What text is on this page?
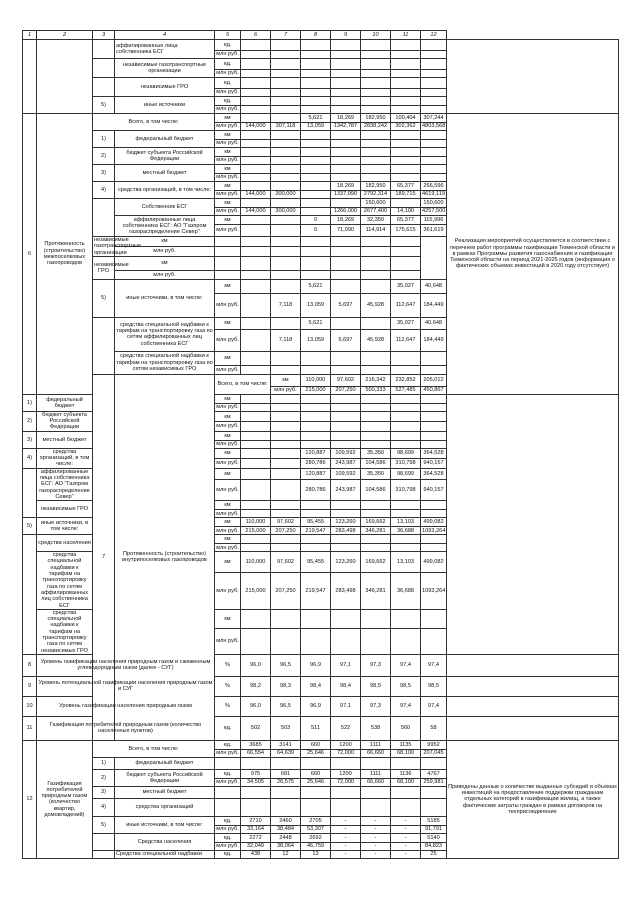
1	2	3	4	5	6	7	8	9	10	11	12		
			аффилированные лица собственника ЕСГ	ед.									
				млн руб.									
			независимые газотранспортные организации	ед.									
				млн руб.									
			независимые ГРО	ед.									
				млн руб.									
		5)	иные источники	ед.									
				млн руб.									
6	Протяженность (строительство) межпоселковых газопроводов	Всего, в том числе:		км			5,621	18,269	182,950	100,404	307,244	Реализация мероприятий осуществляется в соответствии с перечнем работ программы газификации Тюменской области и в рамках Программы развития газоснабжения и газификации Тюменской области на период 2021-2025 годов (информация о фактических объемах инвестиций в 2020 году отсутствует)	
				млн руб.	144,000	307,118	13,059	1342,787	2838,242	302,362	4803,568		
		1)	федеральный бюджет	км									
				млн руб.									
		2)	бюджет субъекта Российской Федерации	км									
				млн руб.									
		3)	местный бюджет	км									
				млн руб.									
		4)	средства организаций, в том числе:	км				18,269	182,950	65,377	266,596		
				млн руб.	144,000	300,000		1337,090	2792,314	189,715	4619,119		
			Собственник ЕСГ	км					150,600		150,600		
				млн руб.	144,000	300,000		1266,000	2677,400	14,100	4257,500		
			аффилированные лица собственника ЕСГ: АО "Газпром газораспределение Север"	км			0	18,269	32,350	65,377	115,996		
				млн руб.			0	71,090	114,914	175,615	361,619		
		независимые газотранспортные организации	км										
			млн руб.										
		независимые ГРО	км										
			млн руб.										
		5)	иные источники, в том числе:	км			5,621			35,027	40,648		
				млн руб.		7,118	13,059	5,697	45,928	112,647	184,449		
			средства специальной надбавки к тарифам на транспортировку газа по сетям аффилированных лиц собственника ЕСГ	км			5,621			35,027	40,648		
				млн руб.		7,118	13,059	5,697	45,928	112,647	184,449		
			средства специальной надбавки к тарифам на транспортировку газа по сетям независимых ГРО	км									
				млн руб.									
		7	Протяженность (строительство) внутрипоселковых газопроводов	Всего, в том числе:		км	110,000	97,602	216,342	232,852	205,012			
						млн руб.	215,000	207,250	500,333	527,485	450,867		
1)	федеральный бюджет			км									
				млн руб.									
2)	бюджет субъекта Российской Федерации			км									
				млн руб.									
3)	местный бюджет			км									
				млн руб.									
4)	средства организаций, в том числе:			км			120,887	109,592	35,350	98,699	364,528		
				млн руб.			280,786	243,987	104,586	310,798	940,157		
	аффилированные лица собственника ЕСГ: АО "Газпром газораспределение Север"			км			120,887	109,592	35,350	98,699	364,528		
				млн руб.			280,786	243,987	104,586	310,798	940,157		
	независимые ГРО			км									
				млн руб.									
5)	иные источники, в том числе:			км	110,000	97,602	95,455	123,260	169,662	13,103	499,082		
				млн руб.	215,000	207,250	219,547	283,498	346,281	36,688	1093,264		
	средства населения			км									
				млн руб.									
	средства специальной надбавки к тарифам на транспортировку газа по сетям аффилированных лиц собственника ЕСГ			км	110,000	97,602	95,455	123,260	169,662	13,103	499,082		
				млн руб.	215,000	207,250	219,547	283,498	346,281	36,688	1093,264		
	средства специальной надбавки к тарифам на транспортировку газа по сетям независимых ГРО			км									
				млн руб.									
8	Уровень газификации населения природным газом и сжиженным углеводородным газом (далее - СУГ)			%	96,0	96,5	96,9	97,1	97,3	97,4	97,4		
9	Уровень потенциальной газификации населения природным газом и СУГ			%	98,2	98,3	98,4	98,4	98,5	98,5	98,5		
10	Уровень газификации населения природным газом			%	96,0	96,5	96,9	97,1	97,3	97,4	97,4		
11	Газификация потребителей природным газом (количество населенных пунктов)			ед.	502	503	511	522	538	560	58		
12	Газификация потребителей природным газом (количество квартир, домовладений)	Всего, в том числе:		ед.	3685	3141	660	1200	1111	1135	9952	Приведены данные о количестве выданных субсидий и объемах инвестиций на предоставление поддержки гражданам отдельных категорий в газификации жилищ, а также фактические затраты граждан в рамках договоров на техприсоединение	
				млн руб.	66,554	64,639	25,646	72,000	66,660	68,100	207,045		
		1)	федеральный бюджет										
		2)	бюджет субъекта Российской Федерации	ед.	975	681	660	1200	1111	1136	4767		
				млн руб.	34,505	26,575	25,646	72,000	66,660	68,100	259,981		
		3)	местный бюджет										
		4)	средства организаций										
		5)	иные источники, в том числе:	ед.	2710	2460	2705	-	-	-	5185		
				млн руб.	33,164	38,484	53,307	-	-	-	91,791		
			Средства населения	ед.	2272	2448	2692	-	-	-	5140		
				млн руб.	32,049	38,064	46,759	-	-	-	84,823		
			Средства специальной надбавки	ед.	438	12	13	-	-	-	25		
